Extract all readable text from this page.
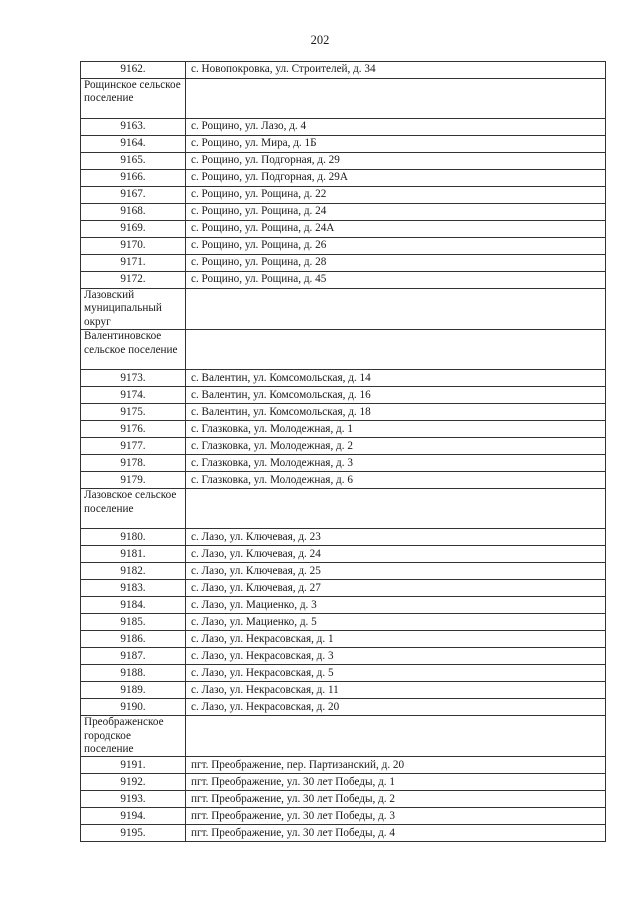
202
9162.	с. Новопокровка, ул. Строителей, д. 34
Рощинское сельское поселение	
9163.	с. Рощино, ул. Лазо, д. 4
9164.	с. Рощино, ул. Мира, д. 1Б
9165.	с. Рощино, ул. Подгорная, д. 29
9166.	с. Рощино, ул. Подгорная, д. 29А
9167.	с. Рощино, ул. Рощина, д. 22
9168.	с. Рощино, ул. Рощина, д. 24
9169.	с. Рощино, ул. Рощина, д. 24А
9170.	с. Рощино, ул. Рощина, д. 26
9171.	с. Рощино, ул. Рощина, д. 28
9172.	с. Рощино, ул. Рощина, д. 45
Лазовский муниципальный округ	
Валентиновское сельское поселение	
9173.	с. Валентин, ул. Комсомольская, д. 14
9174.	с. Валентин, ул. Комсомольская, д. 16
9175.	с. Валентин, ул. Комсомольская, д. 18
9176.	с. Глазковка, ул. Молодежная, д. 1
9177.	с. Глазковка, ул. Молодежная, д. 2
9178.	с. Глазковка, ул. Молодежная, д. 3
9179.	с. Глазковка, ул. Молодежная, д. 6
Лазовское сельское поселение	
9180.	с. Лазо, ул. Ключевая, д. 23
9181.	с. Лазо, ул. Ключевая, д. 24
9182.	с. Лазо, ул. Ключевая, д. 25
9183.	с. Лазо, ул. Ключевая, д. 27
9184.	с. Лазо, ул. Мациенко, д. 3
9185.	с. Лазо, ул. Мациенко, д. 5
9186.	с. Лазо, ул. Некрасовская, д. 1
9187.	с. Лазо, ул. Некрасовская, д. 3
9188.	с. Лазо, ул. Некрасовская, д. 5
9189.	с. Лазо, ул. Некрасовская, д. 11
9190.	с. Лазо, ул. Некрасовская, д. 20
Преображенское городское поселение	
9191.	пгт. Преображение, пер. Партизанский, д. 20
9192.	пгт. Преображение, ул. 30 лет Победы, д. 1
9193.	пгт. Преображение, ул. 30 лет Победы, д. 2
9194.	пгт. Преображение, ул. 30 лет Победы, д. 3
9195.	пгт. Преображение, ул. 30 лет Победы, д. 4
